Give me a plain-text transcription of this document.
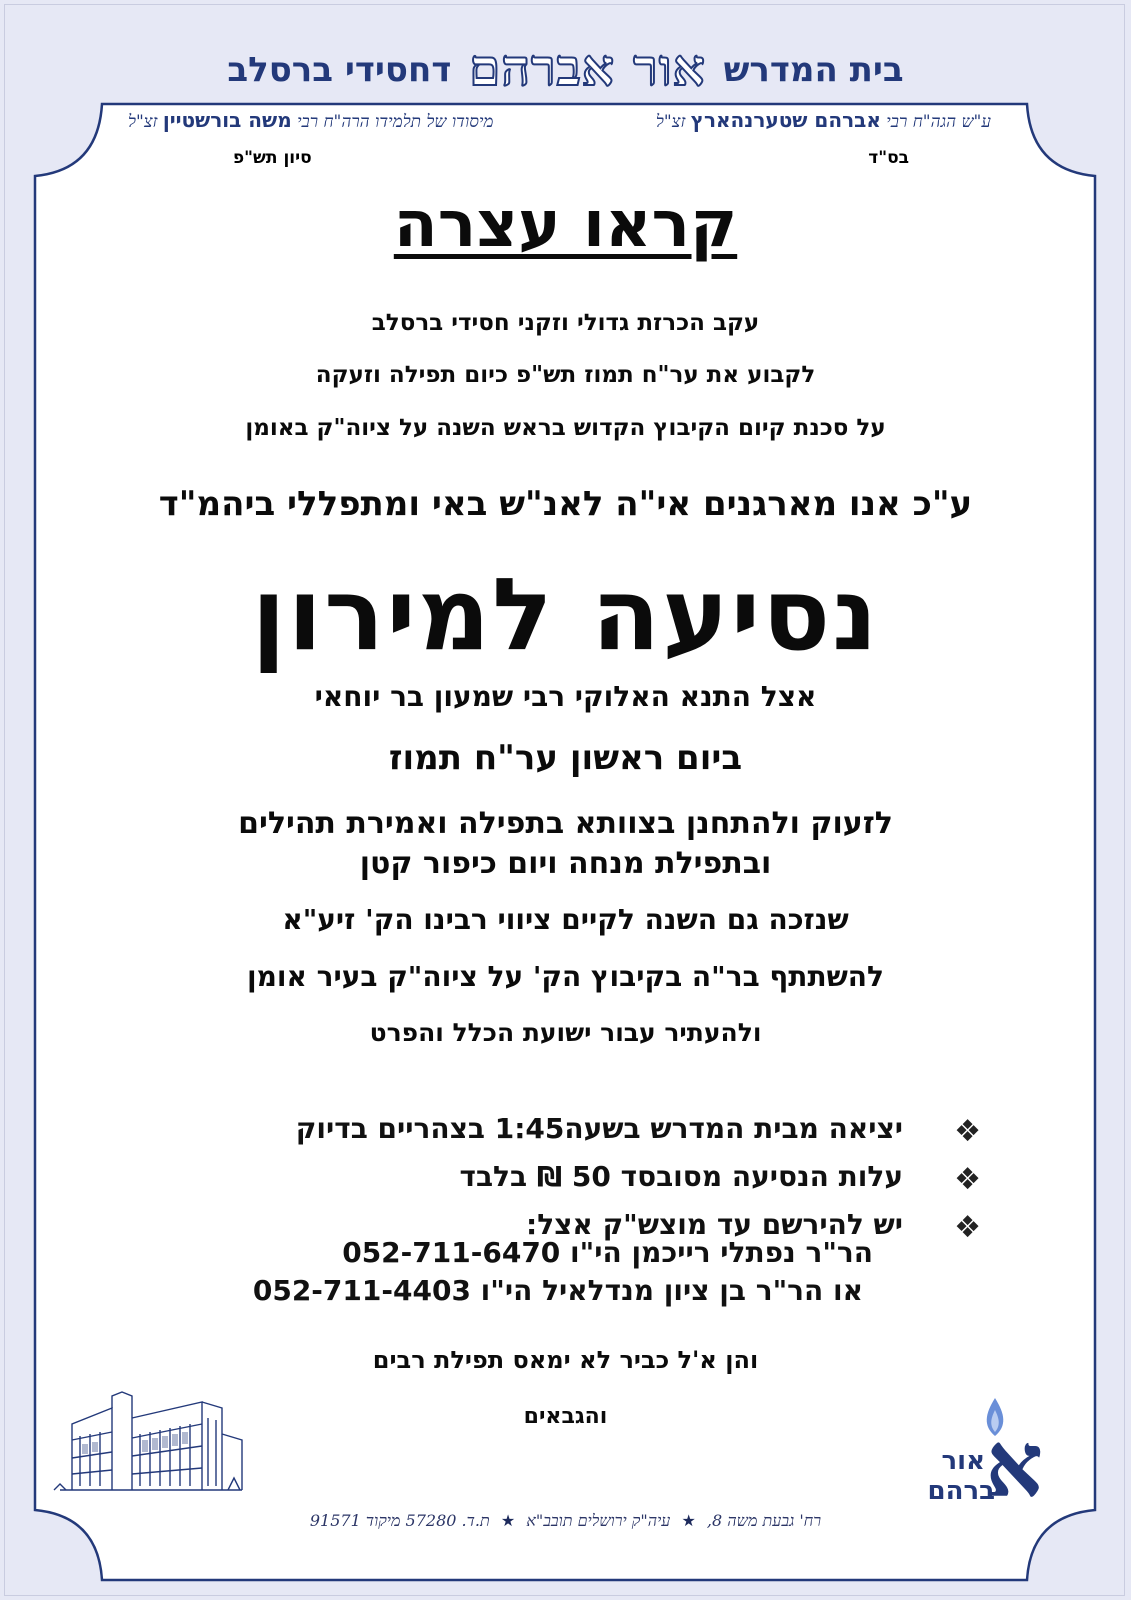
בית המדרש אור אברהם דחסידי ברסלב
ע"ש הגה"ח רבי אברהם שטערנהארץ זצ"ל
מיסודו של תלמידו הרה"ח רבי משה בורשטיין זצ"ל
בס"ד
סיון תש"פ
קראו עצרה
עקב הכרזת גדולי וזקני חסידי ברסלב
לקבוע את ער"ח תמוז תש"פ כיום תפילה וזעקה
על סכנת קיום הקיבוץ הקדוש בראש השנה על ציוה"ק באומן
ע"כ אנו מארגנים אי"ה לאנ"ש באי ומתפללי ביהמ"ד
נסיעה למירון
אצל התנא האלוקי רבי שמעון בר יוחאי
ביום ראשון ער"ח תמוז
לזעוק ולהתחנן בצוותא בתפילה ואמירת תהילים
ובתפילת מנחה ויום כיפור קטן
שנזכה גם השנה לקיים ציווי רבינו הק' זיע"א
להשתתף בר"ה בקיבוץ הק' על ציוה"ק בעיר אומן
ולהעתיר עבור ישועת הכלל והפרט
❖
יציאה מבית המדרש בשעה1:45 בצהריים בדיוק
❖
עלות הנסיעה מסובסד 50 ₪ בלבד
❖
יש להירשם עד מוצש"ק אצל:
הר"ר נפתלי רייכמן הי"ו 052-711-6470
או הר"ר בן ציון מנדלאיל הי"ו 052-711-4403
והן א'ל כביר לא ימאס תפילת רבים
והגבאים	א
אור
ברהם
רח' גבעת משה 8, ★ עיה"ק ירושלים תובב"א ★ ת.ד. 57280 מיקוד 91571
